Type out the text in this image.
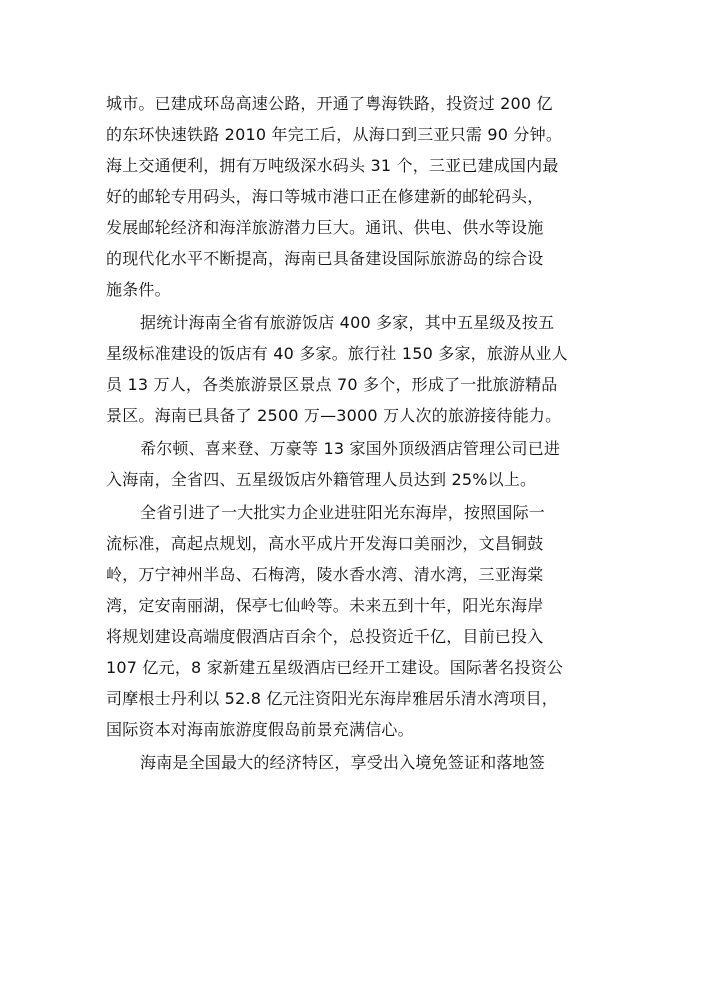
城市。已建成环岛高速公路，开通了粤海铁路，投资过 200 亿
的东环快速铁路 2010 年完工后，从海口到三亚只需 90 分钟。
海上交通便利，拥有万吨级深水码头 31 个，三亚已建成国内最
好的邮轮专用码头，海口等城市港口正在修建新的邮轮码头，
发展邮轮经济和海洋旅游潜力巨大。通讯、供电、供水等设施
的现代化水平不断提高，海南已具备建设国际旅游岛的综合设
施条件。
据统计海南全省有旅游饭店 400 多家，其中五星级及按五
星级标准建设的饭店有 40 多家。旅行社 150 多家，旅游从业人
员 13 万人，各类旅游景区景点 70 多个，形成了一批旅游精品
景区。海南已具备了 2500 万—3000 万人次的旅游接待能力。
希尔顿、喜来登、万豪等 13 家国外顶级酒店管理公司已进
入海南，全省四、五星级饭店外籍管理人员达到 25%以上。
全省引进了一大批实力企业进驻阳光东海岸，按照国际一
流标准，高起点规划，高水平成片开发海口美丽沙，文昌铜鼓
岭，万宁神州半岛、石梅湾，陵水香水湾、清水湾，三亚海棠
湾，定安南丽湖，保亭七仙岭等。未来五到十年，阳光东海岸
将规划建设高端度假酒店百余个，总投资近千亿，目前已投入
107 亿元，8 家新建五星级酒店已经开工建设。国际著名投资公
司摩根士丹利以 52.8 亿元注资阳光东海岸雅居乐清水湾项目，
国际资本对海南旅游度假岛前景充满信心。
海南是全国最大的经济特区，享受出入境免签证和落地签
